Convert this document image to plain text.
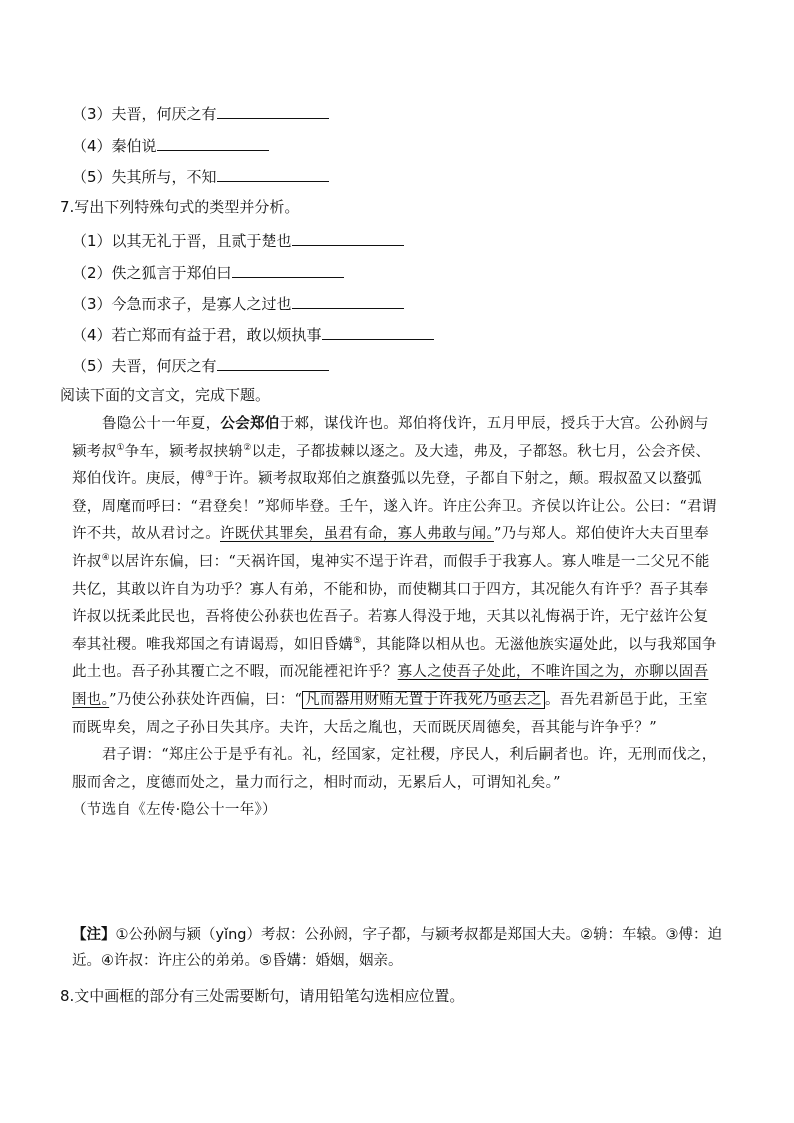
（3）夫晋，何厌之有
（4）秦伯说
（5）失其所与，不知
7.写出下列特殊句式的类型并分析。
（1）以其无礼于晋，且贰于楚也
（2）佚之狐言于郑伯曰
（3）今急而求子，是寡人之过也
（4）若亡郑而有益于君，敢以烦执事
（5）夫晋，何厌之有
阅读下面的文言文，完成下题。

鲁隐公十一年夏，公会郑伯于郲，谋伐许也。郑伯将伐许，五月甲辰，授兵于大宫。公孙阏与颍考叔①争车，颍考叔挟辀②以走，子都拔棘以逐之。及大逵，弗及，子都怒。秋七月，公会齐侯、郑伯伐许。庚辰，傅③于许。颍考叔取郑伯之旗蝥弧以先登，子都自下射之，颠。瑕叔盈又以蝥弧登，周麾而呼曰：“君登矣！”郑师毕登。壬午，遂入许。许庄公奔卫。齐侯以许让公。公曰：“君谓许不共，故从君讨之。许既伏其罪矣，虽君有命，寡人弗敢与闻。”乃与郑人。郑伯使许大夫百里奉许叔④以居许东偏，曰：“天祸许国，鬼神实不逞于许君，而假手于我寡人。寡人唯是一二父兄不能共亿，其敢以许自为功乎？寡人有弟，不能和协，而使糊其口于四方，其况能久有许乎？吾子其奉许叔以抚柔此民也，吾将使公孙获也佐吾子。若寡人得没于地，天其以礼悔祸于许，无宁兹许公复奉其社稷。唯我郑国之有请谒焉，如旧昏媾⑤，其能降以相从也。无滋他族实逼处此，以与我郑国争此土也。吾子孙其覆亡之不暇，而况能禋祀许乎？寡人之使吾子处此，不唯许国之为，亦聊以固吾圉也。”乃使公孙获处许西偏，曰：“ 凡而器用财贿无置于许我死乃亟去之 。吾先君新邑于此，王室而既卑矣，周之子孙日失其序。夫许，大岳之胤也，天而既厌周德矣，吾其能与许争乎？”

君子谓：“郑庄公于是乎有礼。礼，经国家，定社稷，序民人，利后嗣者也。许，无刑而伐之，服而舍之，度德而处之，量力而行之，相时而动，无累后人，可谓知礼矣。”

（节选自《左传·隐公十一年》）

【注】①公孙阏与颍（yǐng）考叔：公孙阏，字子都，与颍考叔都是郑国大夫。②辀：车辕。③傅：迫近。④许叔：许庄公的弟弟。⑤昏媾：婚姻，姻亲。
8.文中画框的部分有三处需要断句，请用铅笔勾选相应位置。
